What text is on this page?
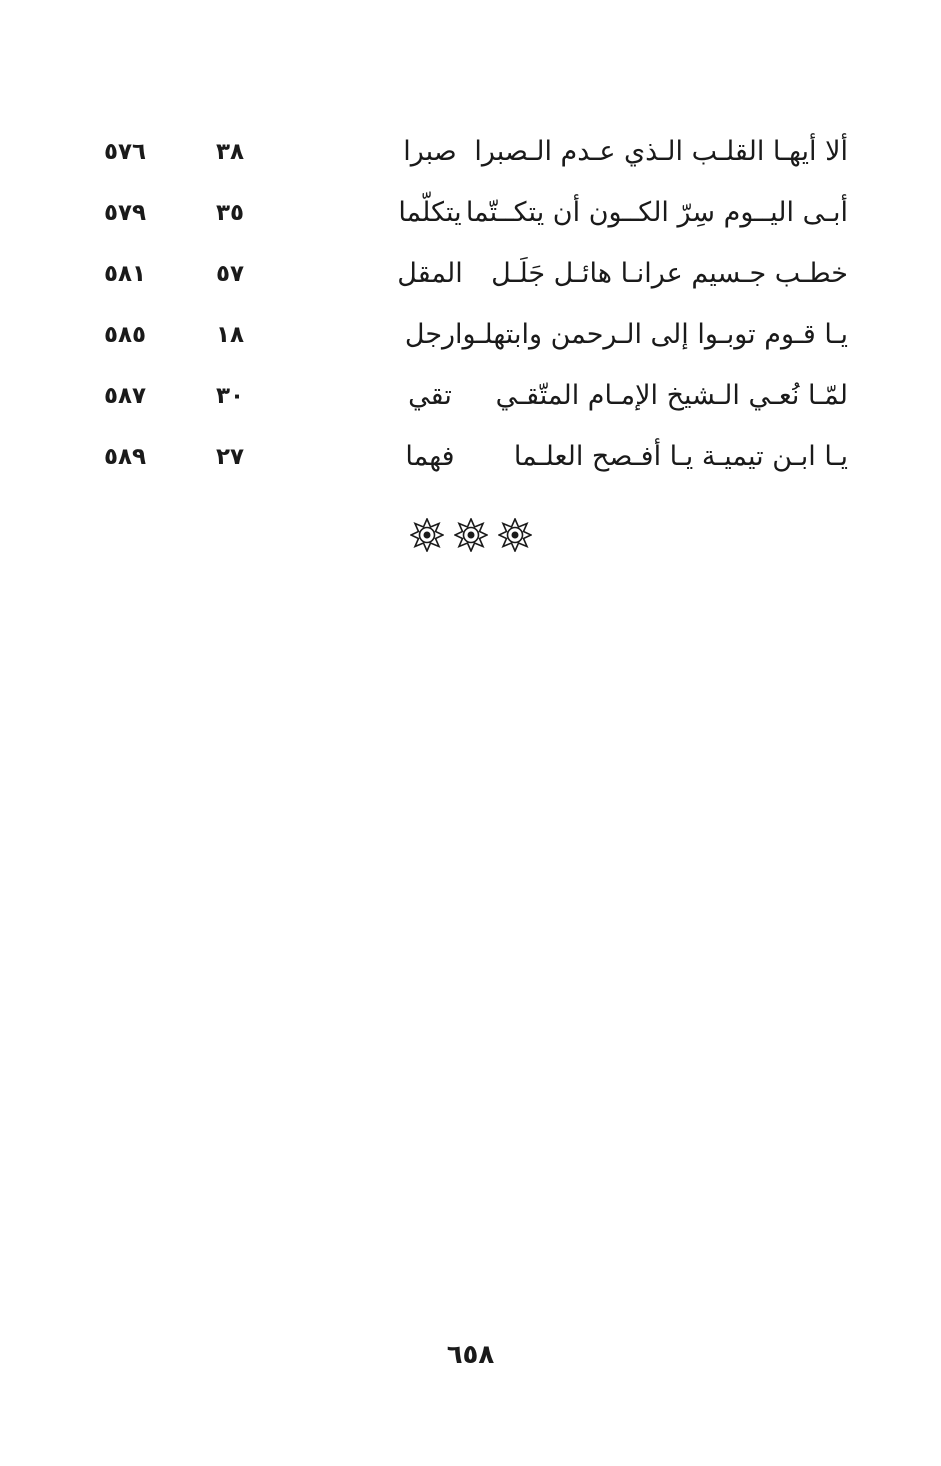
ألا أيهـا القلـب الـذي عـدم الـصبرا
صبرا
٣٨
٥٧٦
أبـى اليــوم سِرّ الكــون أن يتكــتّما
يتكلّما
٣٥
٥٧٩
خطـب جـسيم عرانـا هائـل جَلَـل
المقل
٥٧
٥٨١
يـا قـوم توبـوا إلى الـرحمن وابتهلـوا
رجل
١٨
٥٨٥
لمّـا نُعـي الـشيخ الإمـام المتّقـي
تقي
٣٠
٥٨٧
يـا ابـن تيميـة يـا أفـصح العلـما
فهما
٢٧
٥٨٩
٦٥٨
